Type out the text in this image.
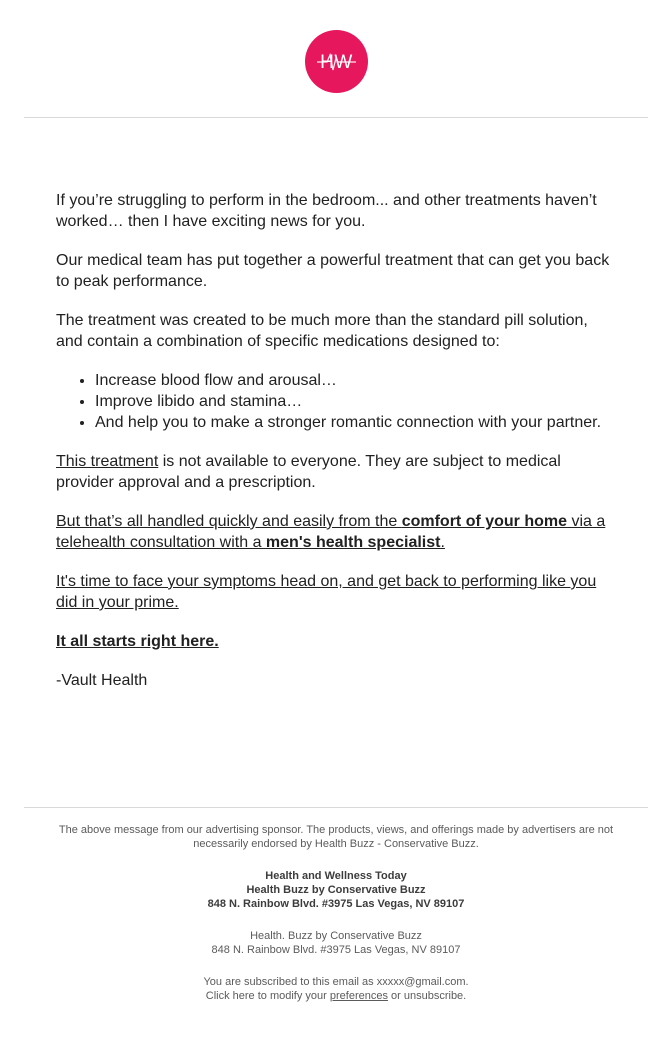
HW

If you’re struggling to perform in the bedroom... and other treatments haven’t worked… then I have exciting news for you.

Our medical team has put together a powerful treatment that can get you back to peak performance.

The treatment was created to be much more than the standard pill solution, and contain a combination of specific medications designed to:

• Increase blood flow and arousal…
• Improve libido and stamina…
• And help you to make a stronger romantic connection with your partner.

This treatment is not available to everyone. They are subject to medical provider approval and a prescription.

But that’s all handled quickly and easily from the comfort of your home via a telehealth consultation with a men's health specialist.

It's time to face your symptoms head on, and get back to performing like you did in your prime.

It all starts right here.

-Vault Health

The above message from our advertising sponsor. The products, views, and offerings made by advertisers are not necessarily endorsed by Health Buzz - Conservative Buzz.
Health and Wellness Today
Health Buzz by Conservative Buzz
848 N. Rainbow Blvd. #3975 Las Vegas, NV 89107
Health. Buzz by Conservative Buzz
848 N. Rainbow Blvd. #3975 Las Vegas, NV 89107
You are subscribed to this email as xxxxx@gmail.com.
Click here to modify your preferences or unsubscribe.
